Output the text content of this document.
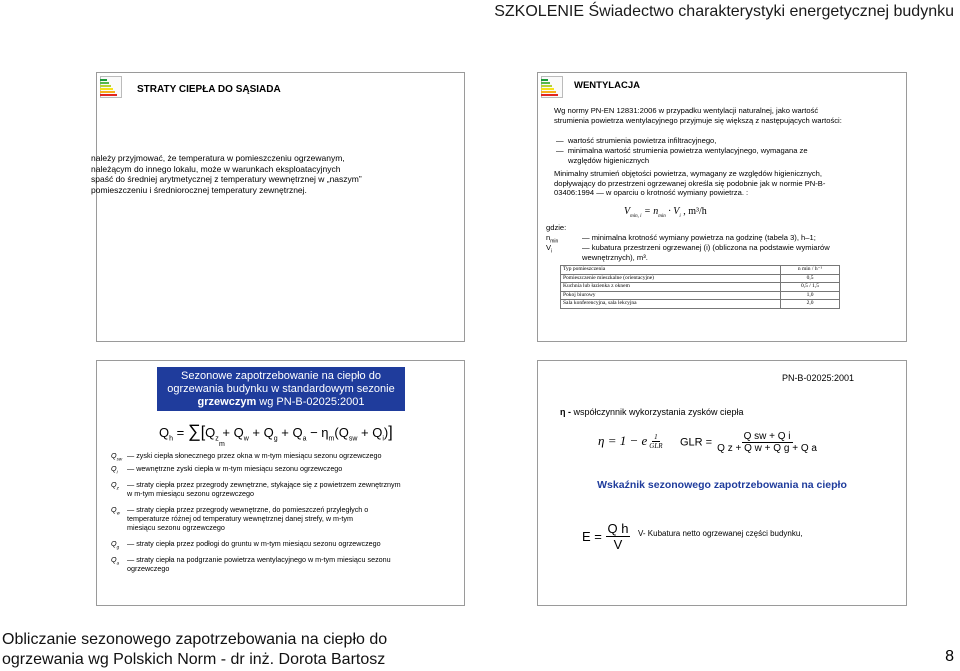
SZKOLENIE Świadectwo charakterystyki energetycznej budynku
STRATY CIEPŁA DO SĄSIADA
należy przyjmować, że temperatura w pomieszczeniu ogrzewanym, należącym do innego lokalu, może w warunkach eksploatacyjnych spaść do średniej arytmetycznej z temperatury wewnętrznej w „naszym” pomieszczeniu i średniorocznej temperatury zewnętrznej.
WENTYLACJA
Wg normy PN-EN 12831:2006 w przypadku wentylacji naturalnej, jako wartość strumienia powietrza wentylacyjnego przyjmuje się większą z następujących wartości:
—  wartość strumienia powietrza infiltracyjnego,
—  minimalna wartość strumienia powietrza wentylacyjnego, wymagana ze względów higienicznych
Minimalny strumień objętości powietrza, wymagany ze względów higienicznych, dopływający do przestrzeni ogrzewanej określa się podobnie jak w normie PN-B-03406:1994 — w oparciu o krotność wymiany powietrza. :
$V_{min, i} = n_{min} \cdot V_i$ , m³/h
gdzie:
$n_{min}$	— minimalna krotność wymiany powietrza na godzinę (tabela 3), h–1;
$V_i$	— kubatura przestrzeni ogrzewanej (i) (obliczona na podstawie wymiarów wewnętrznych), m³.
Typ pomieszczenia	n min / h⁻¹
Pomieszczenie mieszkalne (orientacyjne)	0,5
Kuchnia lub łazienka z oknem	0,5 / 1,5
Pokoj biurowy	1,0
Sala konferencyjna, sala lekcyjna	2,0
Sezonowe zapotrzebowanie na ciepło do
ogrzewania budynku w standardowym sezonie
grzewczym wg PN-B-02025:2001
$Q_h = \sum[Q_z + Q_w + Q_g + Q_a - \eta_m(Q_{sw} + Q_i)]$
m
$Q_{sw}$ — zyski ciepła słonecznego przez okna w m-tym miesiącu sezonu ogrzewczego
$Q_i$ — wewnętrzne zyski ciepła w m-tym miesiącu sezonu ogrzewczego
$Q_z$ — straty ciepła przez przegrody zewnętrzne, stykające się z powietrzem zewnętrznym w m-tym miesiącu sezonu ogrzewczego
$Q_w$ — straty ciepła przez przegrody wewnętrzne, do pomieszczeń przyległych o temperaturze różnej od temperatury wewnętrznej danej strefy, w m-tym miesiącu sezonu ogrzewczego
$Q_g$ — straty ciepła przez podłogi do gruntu w m-tym miesiącu sezonu ogrzewczego
$Q_a$ — straty ciepła na podgrzanie powietrza wentylacyjnego w m-tym miesiącu sezonu ogrzewczego
PN-B-02025:2001
η - współczynnik wykorzystania zysków ciepła
η = 1 − e $\frac{1}{\text{GLR}}$ GLR = $\frac{\text{Q sw + Q i}}{\text{Q z + Q w + Q g + Q a}}$
Wskaźnik sezonowego zapotrzebowania na ciepło
$E = \frac{\text{Q h}}{V} V-$ Kubatura netto ogrzewanej części budynku,
Obliczanie sezonowego zapotrzebowania na ciepło do
ogrzewania wg Polskich Norm - dr inż. Dorota Bartosz	8
